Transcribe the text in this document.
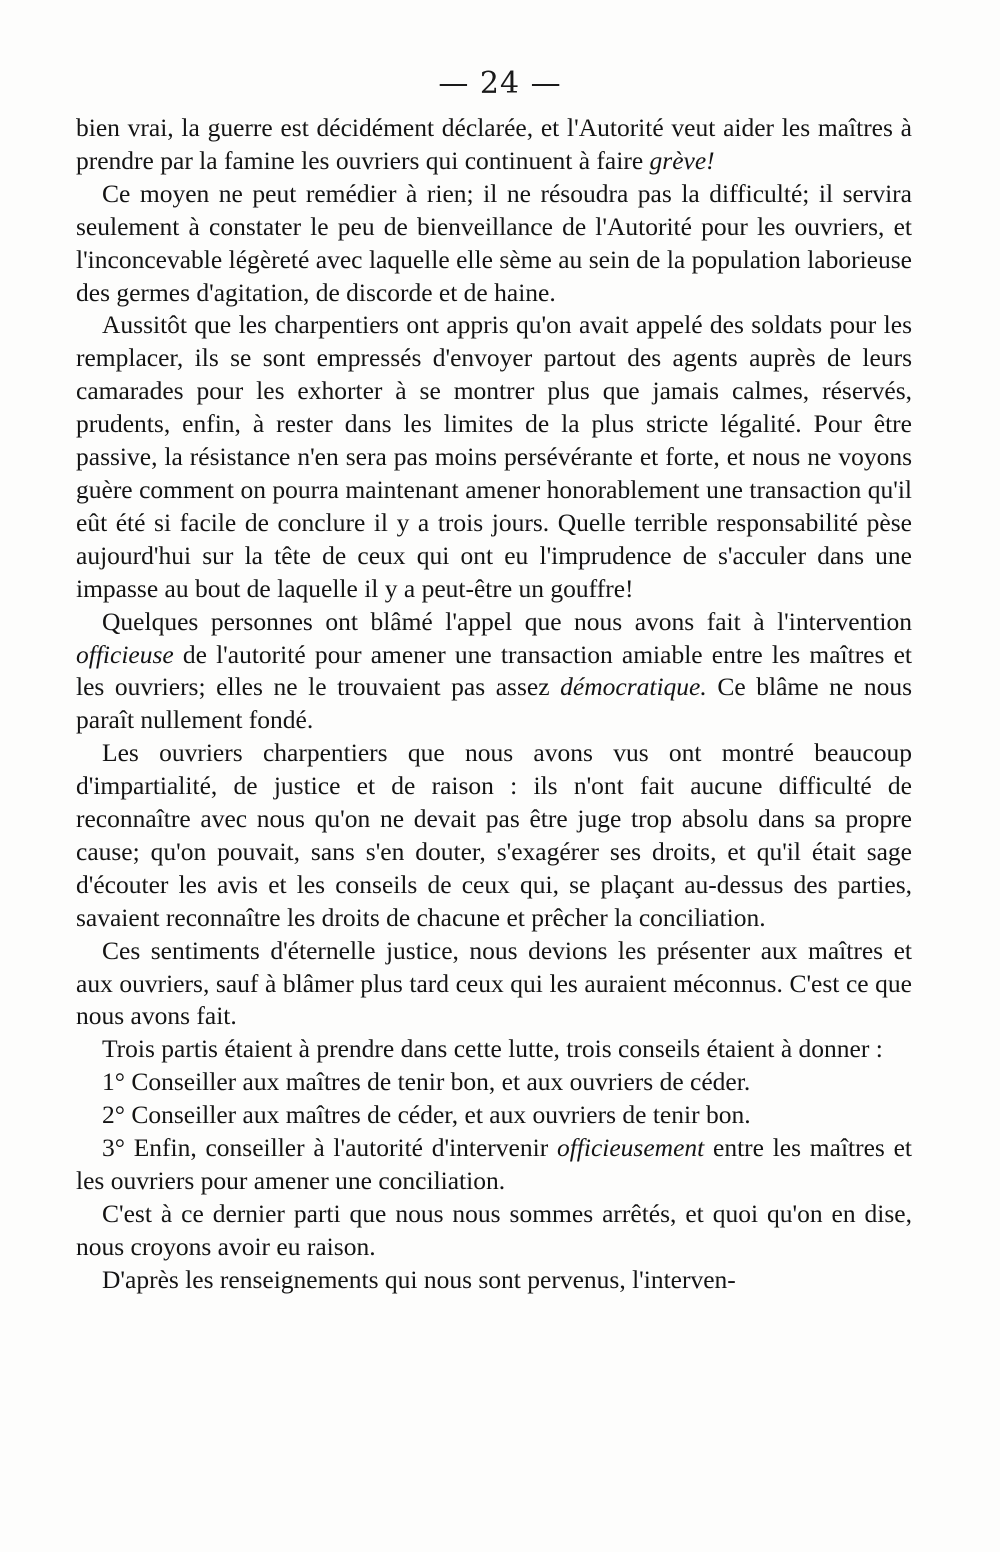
— 24 —

bien vrai, la guerre est décidément déclarée, et l'Autorité veut aider les maîtres à prendre par la famine les ouvriers qui continuent à faire grève!

Ce moyen ne peut remédier à rien; il ne résoudra pas la difficulté; il servira seulement à constater le peu de bienveillance de l'Autorité pour les ouvriers, et l'inconcevable légèreté avec laquelle elle sème au sein de la population laborieuse des germes d'agitation, de discorde et de haine.

Aussitôt que les charpentiers ont appris qu'on avait appelé des soldats pour les remplacer, ils se sont empressés d'envoyer partout des agents auprès de leurs camarades pour les exhorter à se montrer plus que jamais calmes, réservés, prudents, enfin, à rester dans les limites de la plus stricte légalité. Pour être passive, la résistance n'en sera pas moins persévérante et forte, et nous ne voyons guère comment on pourra maintenant amener honorablement une transaction qu'il eût été si facile de conclure il y a trois jours. Quelle terrible responsabilité pèse aujourd'hui sur la tête de ceux qui ont eu l'imprudence de s'acculer dans une impasse au bout de laquelle il y a peut-être un gouffre!

Quelques personnes ont blâmé l'appel que nous avons fait à l'intervention officieuse de l'autorité pour amener une transaction amiable entre les maîtres et les ouvriers; elles ne le trouvaient pas assez démocratique. Ce blâme ne nous paraît nullement fondé.

Les ouvriers charpentiers que nous avons vus ont montré beaucoup d'impartialité, de justice et de raison : ils n'ont fait aucune difficulté de reconnaître avec nous qu'on ne devait pas être juge trop absolu dans sa propre cause; qu'on pouvait, sans s'en douter, s'exagérer ses droits, et qu'il était sage d'écouter les avis et les conseils de ceux qui, se plaçant au-dessus des parties, savaient reconnaître les droits de chacune et prêcher la conciliation.

Ces sentiments d'éternelle justice, nous devions les présenter aux maîtres et aux ouvriers, sauf à blâmer plus tard ceux qui les auraient méconnus. C'est ce que nous avons fait.

Trois partis étaient à prendre dans cette lutte, trois conseils étaient à donner :

1° Conseiller aux maîtres de tenir bon, et aux ouvriers de céder.

2° Conseiller aux maîtres de céder, et aux ouvriers de tenir bon.

3° Enfin, conseiller à l'autorité d'intervenir officieusement entre les maîtres et les ouvriers pour amener une conciliation.

C'est à ce dernier parti que nous nous sommes arrêtés, et quoi qu'on en dise, nous croyons avoir eu raison.

D'après les renseignements qui nous sont pervenus, l'interven-
